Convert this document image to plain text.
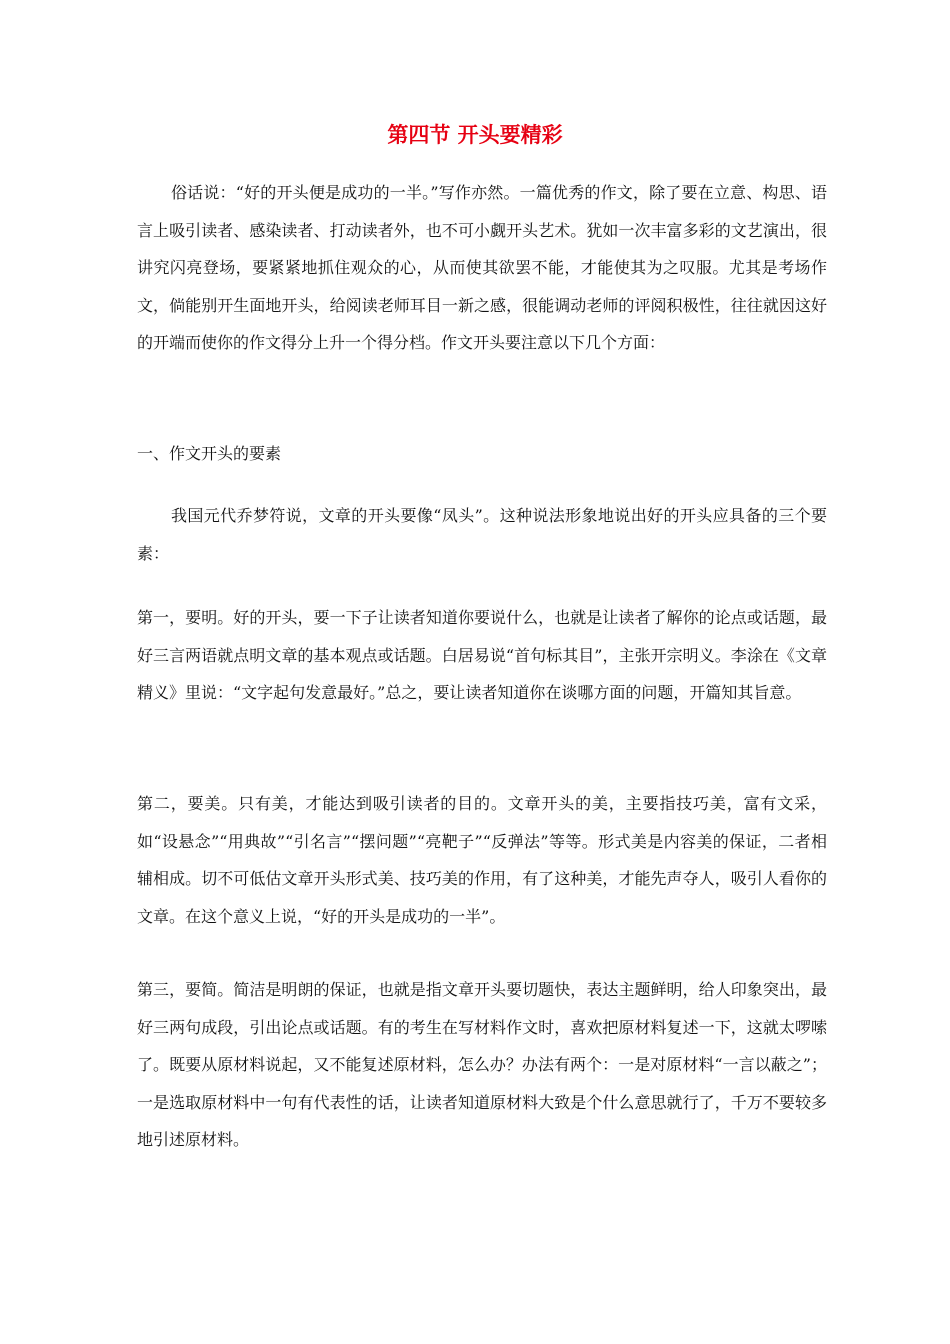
第四节 开头要精彩

俗话说：“好的开头便是成功的一半。”写作亦然。一篇优秀的作文，除了要在立意、构思、语言上吸引读者、感染读者、打动读者外，也不可小觑开头艺术。犹如一次丰富多彩的文艺演出，很讲究闪亮登场，要紧紧地抓住观众的心，从而使其欲罢不能，才能使其为之叹服。尤其是考场作文，倘能别开生面地开头，给阅读老师耳目一新之感，很能调动老师的评阅积极性，往往就因这好的开端而使你的作文得分上升一个得分档。作文开头要注意以下几个方面：

一、作文开头的要素

我国元代乔梦符说，文章的开头要像“凤头”。这种说法形象地说出好的开头应具备的三个要素：

第一，要明。好的开头，要一下子让读者知道你要说什么，也就是让读者了解你的论点或话题，最好三言两语就点明文章的基本观点或话题。白居易说“首句标其目”，主张开宗明义。李涂在《文章精义》里说：“文字起句发意最好。”总之，要让读者知道你在谈哪方面的问题，开篇知其旨意。

第二，要美。只有美，才能达到吸引读者的目的。文章开头的美，主要指技巧美，富有文采，如“设悬念”“用典故”“引名言”“摆问题”“亮靶子”“反弹法”等等。形式美是内容美的保证，二者相辅相成。切不可低估文章开头形式美、技巧美的作用，有了这种美，才能先声夺人，吸引人看你的文章。在这个意义上说，“好的开头是成功的一半”。

第三，要简。简洁是明朗的保证，也就是指文章开头要切题快，表达主题鲜明，给人印象突出，最好三两句成段，引出论点或话题。有的考生在写材料作文时，喜欢把原材料复述一下，这就太啰嗦了。既要从原材料说起，又不能复述原材料，怎么办？办法有两个：一是对原材料“一言以蔽之”；一是选取原材料中一句有代表性的话，让读者知道原材料大致是个什么意思就行了，千万不要较多地引述原材料。
